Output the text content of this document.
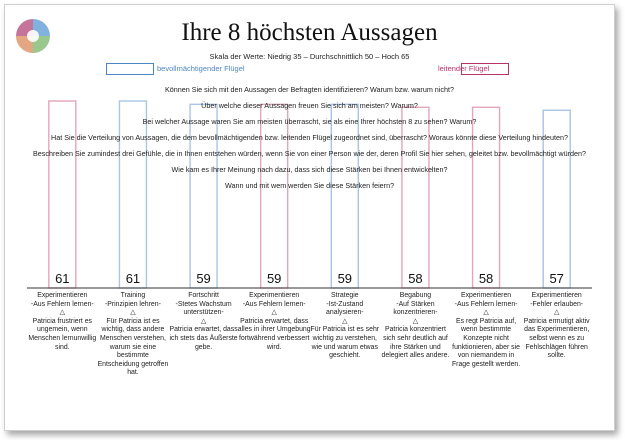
Ihre 8 höchsten Aussagen
Skala der Werte: Niedrig 35 – Durchschnittlich 50 – Hoch 65
bevollmächtigender Flügel	leitender Flügel
61	61	59	59	59	58	58	57
Können Sie sich mit den Aussagen der Befragten identifizieren? Warum bzw. warum nicht?
Über welche dieser Aussagen freuen Sie sich am meisten? Warum?
Bei welcher Aussage waren Sie am meisten überrascht, sie als eine Ihrer höchsten 8 zu sehen? Warum?
Hat Sie die Verteilung von Aussagen, die dem bevollmächtigenden bzw. leitenden Flügel zugeordnet sind, überrascht? Woraus könnte diese Verteilung hindeuten?
Beschreiben Sie zumindest drei Gefühle, die in Ihnen entstehen würden, wenn Sie von einer Person wie der, deren Profil Sie hier sehen, geleitet bzw. bevollmächtigt würden?
Wie kam es Ihrer Meinung nach dazu, dass sich diese Stärken bei Ihnen entwickelten?
Wann und mit wem werden Sie diese Stärken feiern?
Experimentieren
-Aus Fehlern lernen-
△
Patricia frustriert es ungemein, wenn Menschen lernunwillig sind.
Training
-Prinzipien lehren-
△
Für Patricia ist es wichtig, dass andere Menschen verstehen, warum sie eine bestimmte Entscheidung getroffen hat.
Fortschritt
-Stetes Wachstum unterstützen-
△
Patricia erwartet, dass ich stets das Äußerste gebe.
Experimentieren
-Aus Fehlern lernen-
△
Patricia erwartet, dass alles in ihrer Umgebung fortwährend verbessert wird.
Strategie
-Ist-Zustand analysieren-
△
Für Patricia ist es sehr wichtig zu verstehen, wie und warum etwas geschieht.
Begabung
-Auf Stärken konzentrieren-
△
Patricia konzentriert sich sehr deutlich auf ihre Stärken und delegiert alles andere.
Experimentieren
-Aus Fehlern lernen-
△
Es regt Patricia auf, wenn bestimmte Konzepte nicht funktionieren, aber sie von niemandem in Frage gestellt werden.
Experimentieren
-Fehler erlauben-
△
Patricia ermutigt aktiv das Experimentieren, selbst wenn es zu Fehlschlägen führen sollte.
